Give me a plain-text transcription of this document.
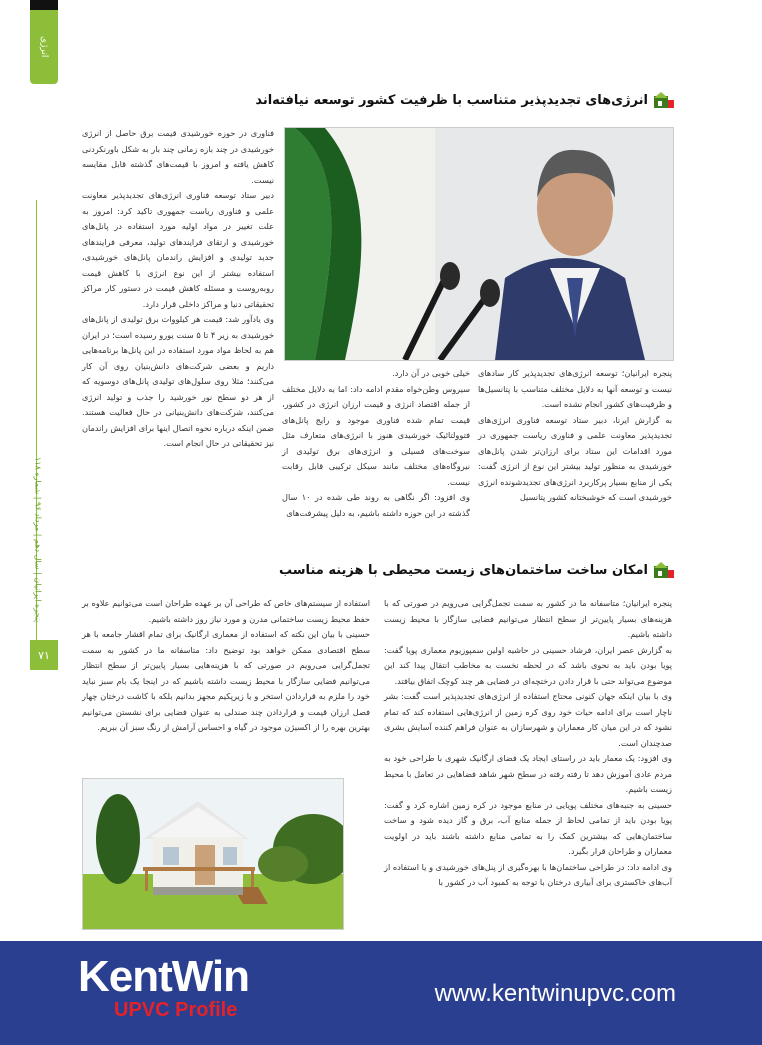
انرژی
پنجره ایرانیان | سال دهم | مرداد ۹۶ | شماره ۱۱۸
۷۱
انرژی‌های تجدیدپذیر متناسب با ظرفیت کشور توسعه نیافته‌اند

پنجره ایرانیان؛ توسعه انرژی‌های تجدیدپذیر کار سادهای نیست و توسعه آنها به دلایل مختلف متناسب با پتانسیل‌ها و ظرفیت‌های کشور انجام نشده است.

به گزارش ایرنا، دبیر ستاد توسعه فناوری انرژی‌های تجدیدپذیر معاونت علمی و فناوری ریاست جمهوری در مورد اقدامات این ستاد برای ارزان‌تر شدن پانل‌های خورشیدی به منظور تولید بیشتر این نوع از انرژی گفت: یکی از منابع بسیار پرکاربرد انرژی‌های تجدیدشونده انرژی خورشیدی است که خوشبختانه کشور پتانسیل

خیلی خوبی در آن دارد.

سیروس وطن‌خواه مقدم ادامه داد: اما به دلایل مختلف از جمله اقتصاد انرژی و قیمت ارزان انرژی در کشور، قیمت تمام شده فناوری موجود و رایج پانل‌های فتوولتائیک خورشیدی هنوز با انرژی‌های متعارف مثل سوخت‌های فسیلی و انرژی‌های برق تولیدی از نیروگاه‌های مختلف مانند سیکل ترکیبی قابل رقابت نیست.

وی افزود: اگر نگاهی به روند طی شده در ۱۰ سال گذشته در این حوزه داشته باشیم، به دلیل پیشرفت‌های

فناوری در حوزه خورشیدی قیمت برق حاصل از انرژی خورشیدی در چند بازه زمانی چند بار به شکل باورنکردنی کاهش یافته و امروز با قیمت‌های گذشته قابل مقایسه نیست.

دبیر ستاد توسعه فناوری انرژی‌های تجدیدپذیر معاونت علمی و فناوری ریاست جمهوری تاکید کرد: امروز به علت تغییر در مواد اولیه مورد استفاده در پانل‌های خورشیدی و ارتقای فرایندهای تولید، معرفی فرایندهای جدید تولیدی و افزایش راندمان پانل‌های خورشیدی، استفاده بیشتر از این نوع انرژی با کاهش قیمت روبه‌روست و مسئله کاهش قیمت در دستور کار مراکز تحقیقاتی دنیا و مراکز داخلی قرار دارد.

وی یادآور شد: قیمت هر کیلووات برق تولیدی از پانل‌های خورشیدی به زیر ۴ تا ۵ سنت یورو رسیده است؛ در ایران هم به لحاظ مواد مورد استفاده در این پانل‌ها برنامه‌هایی داریم و بعضی شرکت‌های دانش‌بنیان روی آن کار می‌کنند؛ مثلا روی سلول‌های تولیدی پانل‌های دوسویه که از هر دو سطح نور خورشید را جذب و تولید انرژی می‌کنند، شرکت‌های دانش‌بنیانی در حال فعالیت هستند. ضمن اینکه درباره نحوه اتصال اینها برای افزایش راندمان نیز تحقیقاتی در حال انجام است.

امکان ساخت ساختمان‌های زیست محیطی با هزینه مناسب

پنجره ایرانیان؛ متاسفانه ما در کشور به سمت تجمل‌گرایی می‌رویم در صورتی که با هزینه‌های بسیار پایین‌تر از سطح انتظار می‌توانیم فضایی سازگار با محیط زیست داشته باشیم.

به گزارش عصر ایران، فرشاد حسینی در حاشیه اولین سمپوزیوم معماری پویا گفت: پویا بودن باید به نحوی باشد که در لحظه نخست به مخاطب انتقال پیدا کند این موضوع می‌تواند حتی با قرار دادن درختچه‌ای در فضایی هر چند کوچک اتفاق بیافتد.

وی با بیان اینکه جهان کنونی محتاج استفاده از انرژی‌های تجدیدپذیر است گفت: بشر ناچار است برای ادامه حیات خود روی کره زمین از انرژی‌هایی استفاده کند که تمام نشود که در این میان کار معماران و شهرسازان به عنوان فراهم کننده آسایش بشری صدچندان است.

وی افزود: یک معمار باید در راستای ایجاد یک فضای ارگانیک شهری با طراحی خود به مردم عادی آموزش دهد تا رفته رفته در سطح شهر شاهد فضاهایی در تعامل با محیط زیست باشیم.

حسینی به جنبه‌های مختلف پویایی در منابع موجود در کره زمین اشاره کرد و گفت: پویا بودن باید از تمامی لحاظ از جمله منابع آب، برق و گاز دیده شود و ساخت ساختمان‌هایی که بیشترین کمک را به تمامی منابع داشته باشند باید در اولویت معماران و طراحان قرار بگیرد.

وی ادامه داد: در طراحی ساختمان‌ها با بهره‌گیری از پنل‌های خورشیدی و یا استفاده از آب‌های خاکستری برای آبیاری درختان با توجه به کمبود آب در کشور با

استفاده از سیستم‌های خاص که طراحی آن بر عهده طراحان است می‌توانیم علاوه بر حفظ محیط زیست ساختمانی مدرن و مورد نیاز روز داشته باشیم.

حسینی با بیان این نکته که استفاده از معماری ارگانیک برای تمام اقشار جامعه با هر سطح اقتصادی ممکن خواهد بود توضیح داد: متاسفانه ما در کشور به سمت تجمل‌گرایی می‌رویم در صورتی که با هزینه‌هایی بسیار پایین‌تر از سطح انتظار می‌توانیم فضایی سازگار با محیط زیست داشته باشیم که در اینجا یک بام سبز نباید خود را ملزم به قراردادن استخر و یا زیرپکیم مجهز بدانیم بلکه با کاشت درختان چهار فصل ارزان قیمت و قراردادن چند صندلی به عنوان فضایی برای نشستن می‌توانیم بهترین بهره را از اکسیژن موجود در گیاه و احساس آرامش از رنگ سبز آن ببریم.

KentWin
UPVC Profile
www.kentwinupvc.com
